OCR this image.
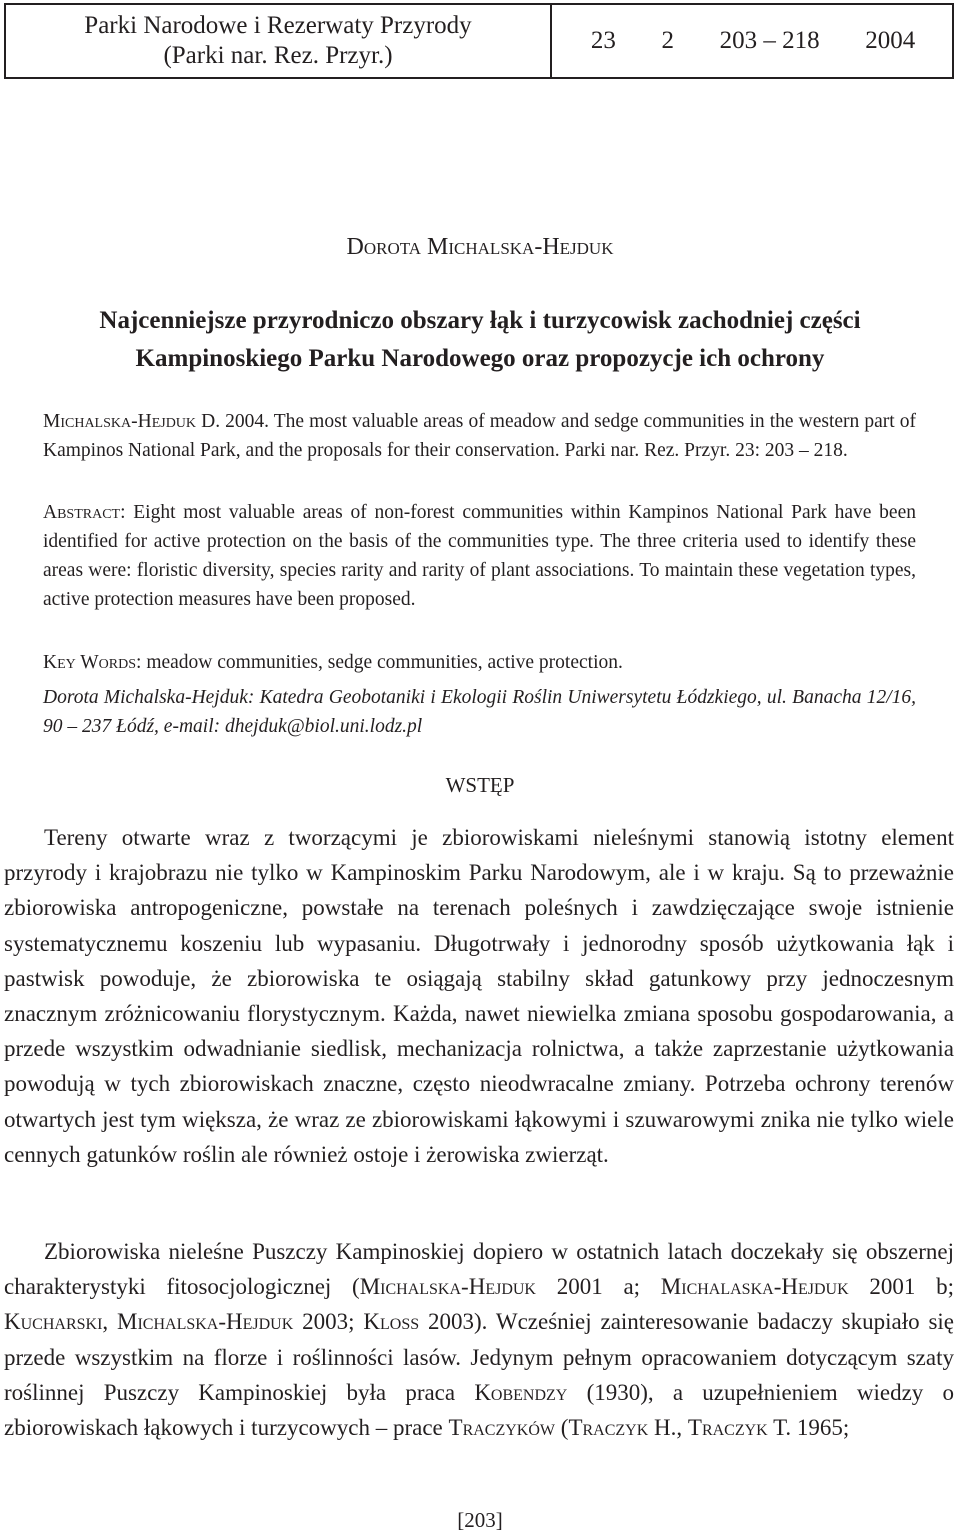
Parki Narodowe i Rezerwaty Przyrody
(Parki nar. Rez. Przyr.)
23 2 203 – 218 2004
Dorota Michalska-Hejduk
Najcenniejsze przyrodniczo obszary łąk i turzycowisk zachodniej części
Kampinoskiego Parku Narodowego oraz propozycje ich ochrony
Michalska-Hejduk D. 2004. The most valuable areas of meadow and sedge communities in the western part of Kampinos National Park, and the proposals for their conservation. Parki nar. Rez. Przyr. 23: 203 – 218.
Abstract: Eight most valuable areas of non-forest communities within Kampinos National Park have been identified for active protection on the basis of the communities type. The three criteria used to identify these areas were: floristic diversity, species rarity and rarity of plant associations. To maintain these vegetation types, active protection measures have been proposed.
Key Words: meadow communities, sedge communities, active protection.
Dorota Michalska-Hejduk: Katedra Geobotaniki i Ekologii Roślin Uniwersytetu Łódzkiego, ul. Banacha 12/16, 90 – 237 Łódź, e-mail: dhejduk@biol.uni.lodz.pl
WSTĘP
Tereny otwarte wraz z tworzącymi je zbiorowiskami nieleśnymi stanowią istotny element przyrody i krajobrazu nie tylko w Kampinoskim Parku Narodowym, ale i w kraju. Są to przeważnie zbiorowiska antropogeniczne, powstałe na terenach poleśnych i zawdzięczające swoje istnienie systematycznemu koszeniu lub wypasaniu. Długotrwały i jednorodny sposób użytkowania łąk i pastwisk powoduje, że zbiorowiska te osiągają stabilny skład gatunkowy przy jednoczesnym znacznym zróżnicowaniu florystycznym. Każda, nawet niewielka zmiana sposobu gospodarowania, a przede wszystkim odwadnianie siedlisk, mechanizacja rolnictwa, a także zaprzestanie użytkowania powodują w tych zbiorowiskach znaczne, często nieodwracalne zmiany. Potrzeba ochrony terenów otwartych jest tym większa, że wraz ze zbiorowiskami łąkowymi i szuwarowymi znika nie tylko wiele cennych gatunków roślin ale również ostoje i żerowiska zwierząt.
Zbiorowiska nieleśne Puszczy Kampinoskiej dopiero w ostatnich latach doczekały się obszernej charakterystyki fitosocjologicznej (Michalska-Hejduk 2001 a; Michalaska-Hejduk 2001 b; Kucharski, Michalska-Hejduk 2003; Kloss 2003). Wcześniej zainteresowanie badaczy skupiało się przede wszystkim na florze i roślinności lasów. Jedynym pełnym opracowaniem dotyczącym szaty roślinnej Puszczy Kampinoskiej była praca Kobendzy (1930), a uzupełnieniem wiedzy o zbiorowiskach łąkowych i turzycowych – prace Traczyków (Traczyk H., Traczyk T. 1965;
[203]
